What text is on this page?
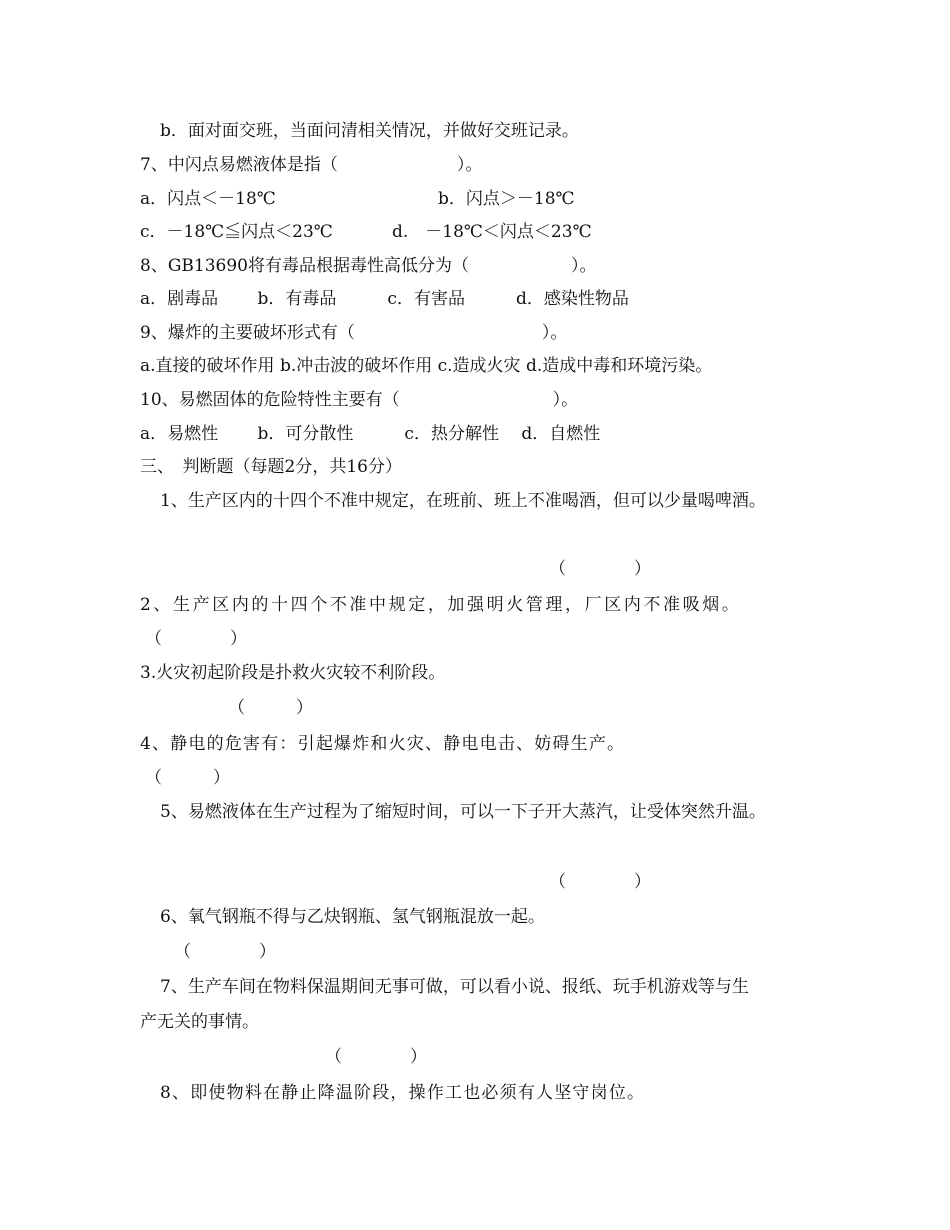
b．面对面交班，当面问清相关情况，并做好交班记录。
7、中闪点易燃液体是指（　　　　　　　）。
a．闪点＜－18℃	b．闪点＞－18℃
c．－18℃≦闪点＜23℃	d.　－18℃＜闪点＜23℃
8、GB13690将有毒品根据毒性高低分为（　　　　　　）。
a．剧毒品　　 b．有毒品　　　c．有害品　　　d．感染性物品
9、爆炸的主要破坏形式有（　　　　　　　　　　　）。
a.直接的破坏作用 b.冲击波的破坏作用 c.造成火灾 d.造成中毒和环境污染。
10、易燃固体的危险特性主要有（　　　　　　　　　）。
a．易燃性　　 b．可分散性　　　c．热分解性　 d．自燃性
三、　判断题（每题2分，共16分）
1、生产区内的十四个不准中规定，在班前、班上不准喝酒，但可以少量喝啤酒。
（　　　　）
2、生产区内的十四个不准中规定，加强明火管理，厂区内不准吸烟。
（　　　　）
3.火灾初起阶段是扑救火灾较不利阶段。
（　　　）
4、静电的危害有：引起爆炸和火灾、静电电击、妨碍生产。
（　　　）
5、易燃液体在生产过程为了缩短时间，可以一下子开大蒸汽，让受体突然升温。
（　　　　）
6、氧气钢瓶不得与乙炔钢瓶、氢气钢瓶混放一起。
（　　　　）
7、生产车间在物料保温期间无事可做，可以看小说、报纸、玩手机游戏等与生
产无关的事情。
（　　　　）
8、即使物料在静止降温阶段，操作工也必须有人坚守岗位。
